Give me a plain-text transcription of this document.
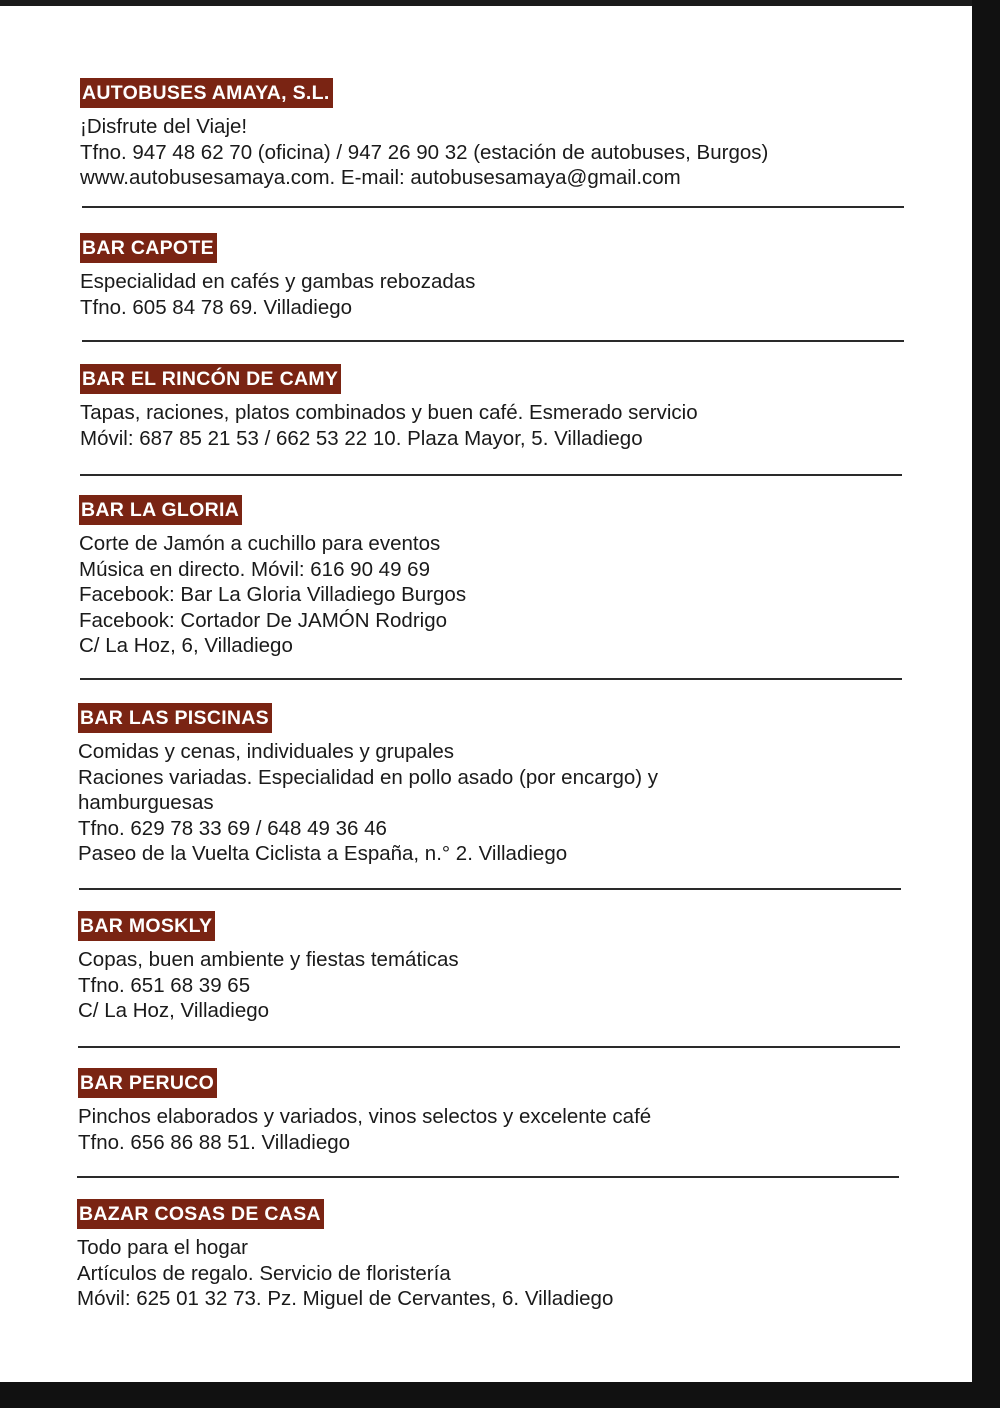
AUTOBUSES AMAYA, S.L.
¡Disfrute del Viaje!
Tfno. 947 48 62 70 (oficina) / 947 26 90 32 (estación de autobuses, Burgos)
www.autobusesamaya.com. E-mail: autobusesamaya@gmail.com
BAR CAPOTE
Especialidad en cafés y gambas rebozadas
Tfno. 605 84 78 69. Villadiego
BAR EL RINCÓN DE CAMY
Tapas, raciones, platos combinados y buen café. Esmerado servicio
Móvil: 687 85 21 53 / 662 53 22 10. Plaza Mayor, 5. Villadiego
BAR LA GLORIA
Corte de Jamón a cuchillo para eventos
Música en directo. Móvil: 616 90 49 69
Facebook: Bar La Gloria Villadiego Burgos
Facebook: Cortador De JAMÓN Rodrigo
C/ La Hoz, 6, Villadiego
BAR LAS PISCINAS
Comidas y cenas, individuales y grupales
Raciones variadas. Especialidad en pollo asado (por encargo) y
hamburguesas
Tfno. 629 78 33 69 / 648 49 36 46
Paseo de la Vuelta Ciclista a España, n.° 2. Villadiego
BAR MOSKLY
Copas, buen ambiente y fiestas temáticas
Tfno. 651 68 39 65
C/ La Hoz, Villadiego
BAR PERUCO
Pinchos elaborados y variados, vinos selectos y excelente café
Tfno. 656 86 88 51. Villadiego
BAZAR COSAS DE CASA
Todo para el hogar
Artículos de regalo. Servicio de floristería
Móvil: 625 01 32 73. Pz. Miguel de Cervantes, 6. Villadiego
